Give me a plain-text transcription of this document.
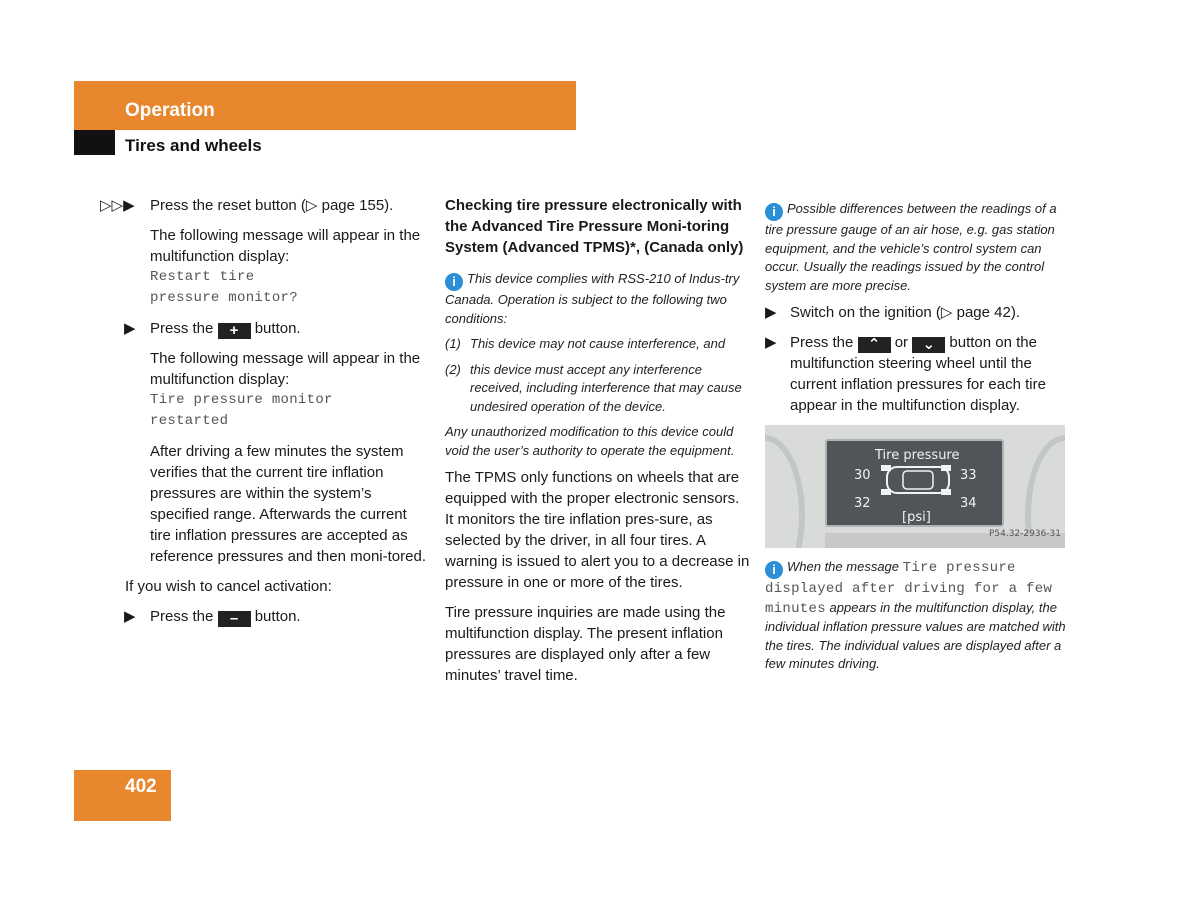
Operation
Tires and wheels
▷▷▶	Press the reset button (▷ page 155).
The following message will appear in the multifunction display:
Restart tire
pressure monitor?
▶ Press the + button.
The following message will appear in the multifunction display:
Tire pressure monitor
restarted
After driving a few minutes the system verifies that the current tire inflation pressures are within the system’s specified range. Afterwards the current tire inflation pressures are accepted as reference pressures and then moni-tored.
If you wish to cancel activation:
▶ Press the – button.
Checking tire pressure electronically with the Advanced Tire Pressure Moni-toring System (Advanced TPMS)*, (Canada only)
i This device complies with RSS-210 of Indus-try Canada. Operation is subject to the following two conditions:
(1) This device may not cause interference, and
(2) this device must accept any interference received, including interference that may cause undesired operation of the device.
Any unauthorized modification to this device could void the user’s authority to operate the equipment.
The TPMS only functions on wheels that are equipped with the proper electronic sensors. It monitors the tire inflation pres-sure, as selected by the driver, in all four tires. A warning is issued to alert you to a decrease in pressure in one or more of the tires.
Tire pressure inquiries are made using the multifunction display. The present inflation pressures are displayed only after a few minutes’ travel time.
i Possible differences between the readings of a tire pressure gauge of an air hose, e.g. gas station equipment, and the vehicle’s control system can occur. Usually the readings issued by the control system are more precise.
▶ Switch on the ignition (▷ page 42).
▶ Press the ⌃ or ⌄ button on the multifunction steering wheel until the current inflation pressures for each tire appear in the multifunction display.
Tire pressure
30	33
32	34
[psi]
P54.32-2936-31
i When the message Tire pressure displayed after driving for a few minutes appears in the multifunction display, the individual inflation pressure values are matched with the tires. The individual values are displayed after a few minutes driving.
402
